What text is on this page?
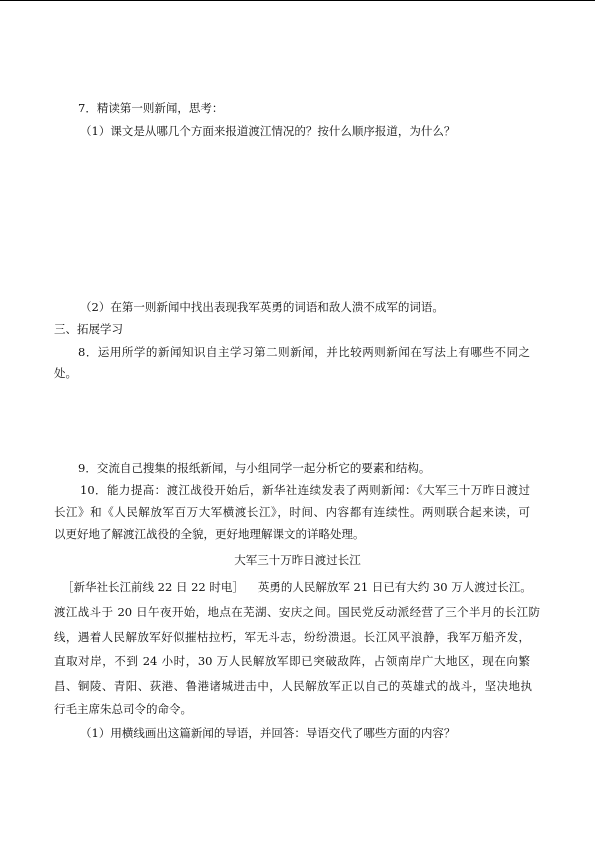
7．精读第一则新闻，思考：
（1）课文是从哪几个方面来报道渡江情况的？按什么顺序报道，为什么？
（2）在第一则新闻中找出表现我军英勇的词语和敌人溃不成军的词语。
三、拓展学习
8．运用所学的新闻知识自主学习第二则新闻，并比较两则新闻在写法上有哪些不同之
处。
9．交流自己搜集的报纸新闻，与小组同学一起分析它的要素和结构。
10．能力提高：渡江战役开始后，新华社连续发表了两则新闻：《大军三十万昨日渡过
长江》和《人民解放军百万大军横渡长江》，时间、内容都有连续性。两则联合起来读，可
以更好地了解渡江战役的全貌，更好地理解课文的详略处理。
大军三十万昨日渡过长江
［新华社长江前线 22 日 22 时电］ 英勇的人民解放军 21 日已有大约 30 万人渡过长江。
渡江战斗于 20 日午夜开始，地点在芜湖、安庆之间。国民党反动派经营了三个半月的长江防
线，遇着人民解放军好似摧枯拉朽，军无斗志，纷纷溃退。长江风平浪静，我军万船齐发，
直取对岸，不到 24 小时，30 万人民解放军即已突破敌阵，占领南岸广大地区，现在向繁
昌、铜陵、青阳、荻港、鲁港诸城进击中，人民解放军正以自己的英雄式的战斗，坚决地执
行毛主席朱总司令的命令。
（1）用横线画出这篇新闻的导语，并回答：导语交代了哪些方面的内容？
